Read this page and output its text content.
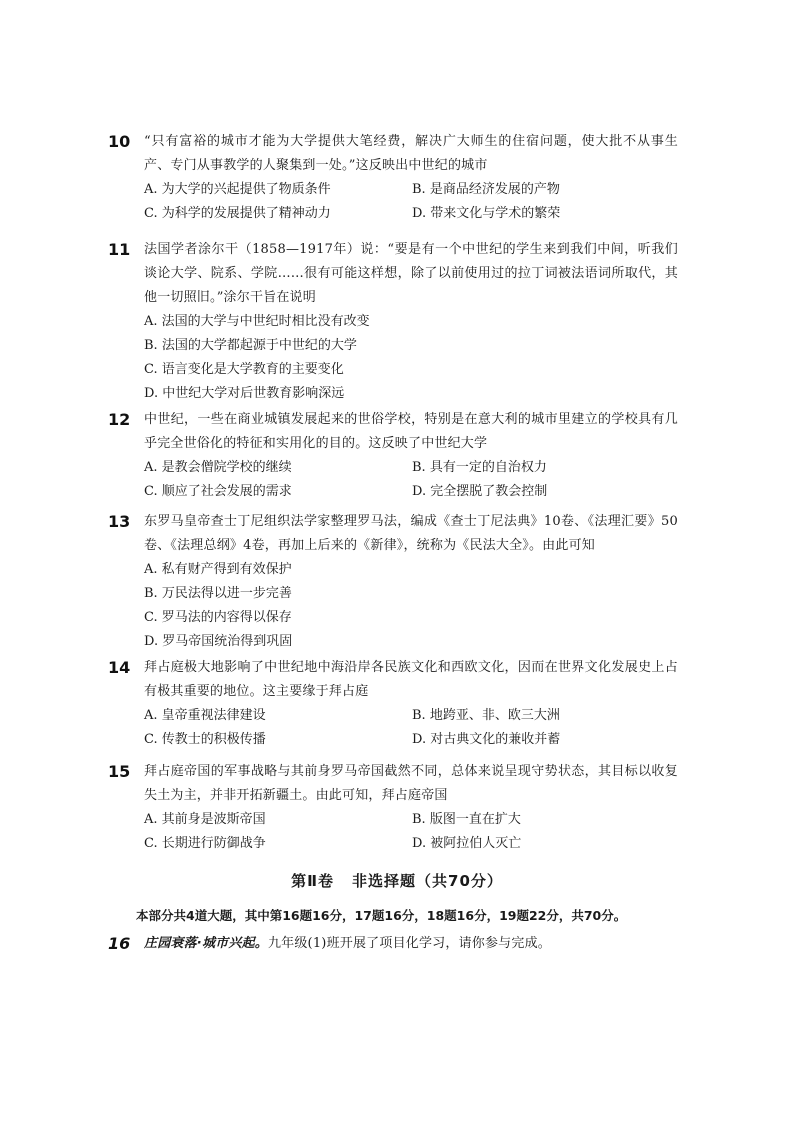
10 “只有富裕的城市才能为大学提供大笔经费，解决广大师生的住宿问题，使大批不从事生产、专门从事教学的人聚集到一处。”这反映出中世纪的城市
A. 为大学的兴起提供了物质条件	B. 是商品经济发展的产物
C. 为科学的发展提供了精神动力	D. 带来文化与学术的繁荣
11 法国学者涂尔干（1858—1917年）说：“要是有一个中世纪的学生来到我们中间，听我们谈论大学、院系、学院……很有可能这样想，除了以前使用过的拉丁词被法语词所取代，其他一切照旧。”涂尔干旨在说明
A. 法国的大学与中世纪时相比没有改变
B. 法国的大学都起源于中世纪的大学
C. 语言变化是大学教育的主要变化
D. 中世纪大学对后世教育影响深远
12 中世纪，一些在商业城镇发展起来的世俗学校，特别是在意大利的城市里建立的学校具有几乎完全世俗化的特征和实用化的目的。这反映了中世纪大学
A. 是教会僧院学校的继续	B. 具有一定的自治权力
C. 顺应了社会发展的需求	D. 完全摆脱了教会控制
13 东罗马皇帝查士丁尼组织法学家整理罗马法，编成《查士丁尼法典》10卷、《法理汇要》50卷、《法理总纲》4卷，再加上后来的《新律》，统称为《民法大全》。由此可知
A. 私有财产得到有效保护
B. 万民法得以进一步完善
C. 罗马法的内容得以保存
D. 罗马帝国统治得到巩固
14 拜占庭极大地影响了中世纪地中海沿岸各民族文化和西欧文化，因而在世界文化发展史上占有极其重要的地位。这主要缘于拜占庭
A. 皇帝重视法律建设	B. 地跨亚、非、欧三大洲
C. 传教士的积极传播	D. 对古典文化的兼收并蓄
15 拜占庭帝国的军事战略与其前身罗马帝国截然不同，总体来说呈现守势状态，其目标以收复失土为主，并非开拓新疆土。由此可知，拜占庭帝国
A. 其前身是波斯帝国	B. 版图一直在扩大
C. 长期进行防御战争	D. 被阿拉伯人灭亡
第Ⅱ卷 非选择题（共70分）
本部分共4道大题，其中第16题16分，17题16分，18题16分，19题22分，共70分。
16 庄园衰落·城市兴起。九年级(1)班开展了项目化学习，请你参与完成。
